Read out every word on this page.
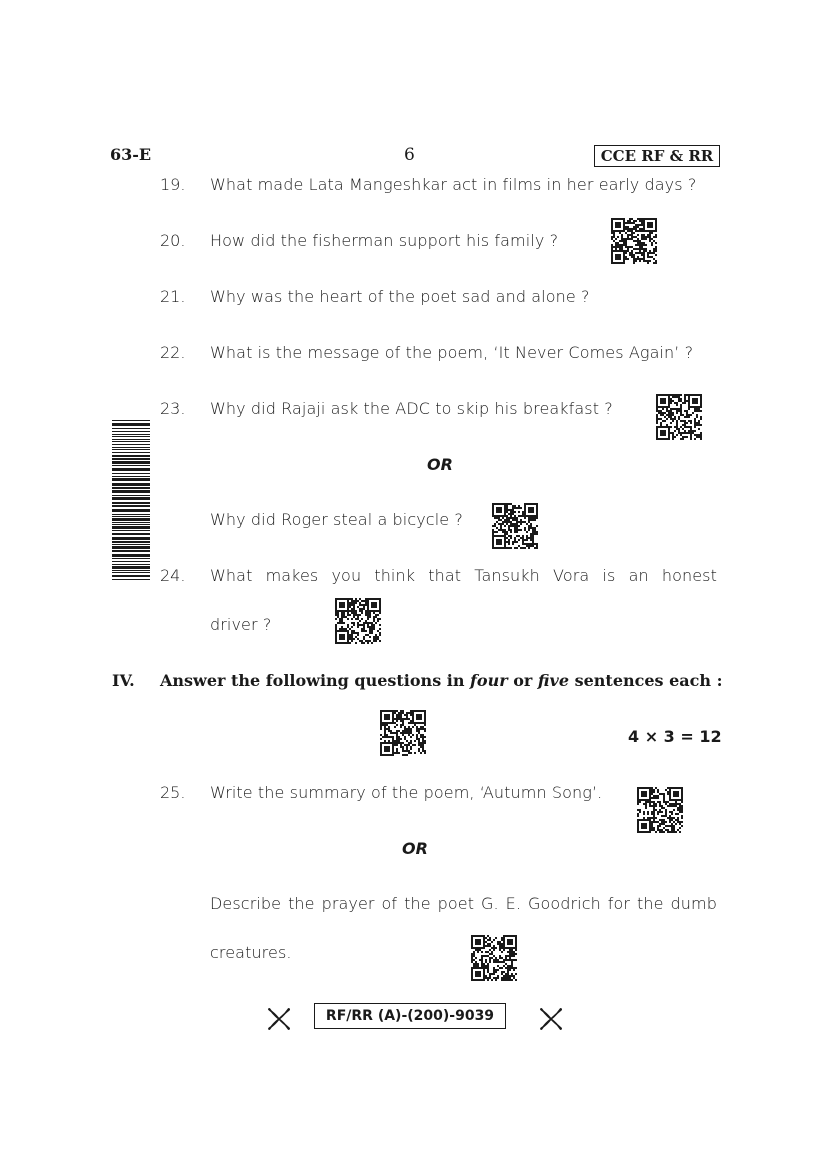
63-E	6	CCE RF & RR
19. What made Lata Mangeshkar act in films in her early days ?
20. How did the fisherman support his family ?
21. Why was the heart of the poet sad and alone ?
22. What is the message of the poem, ‘It Never Comes Again’ ?
23. Why did Rajaji ask the ADC to skip his breakfast ?
OR
Why did Roger steal a bicycle ?
24. What makes you think that Tansukh Vora is an honest
driver ?
IV. Answer the following questions in four or five sentences each :
4 × 3 = 12
25. Write the summary of the poem, ‘Autumn Song’.
OR
Describe the prayer of the poet G. E. Goodrich for the dumb
creatures.
RF/RR (A)-(200)-9039
